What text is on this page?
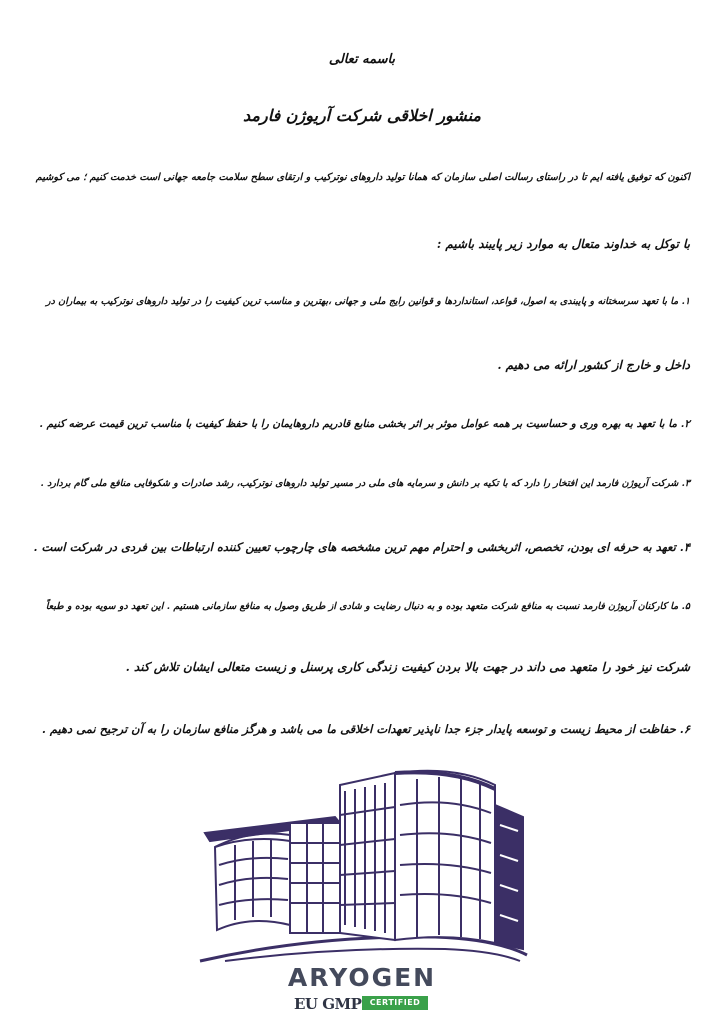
باسمه تعالی
منشور اخلاقی شرکت آریوژن فارمد
اکنون که توفیق یافته ایم تا در راستای رسالت اصلی سازمان که همانا تولید داروهای نوترکیب و ارتقای سطح سلامت جامعه جهانی است خدمت کنیم ؛ می کوشیم
با توکل به خداوند متعال به موارد زیر پایبند باشیم :
۱. ما با تعهد سرسختانه و پایبندی به اصول، قواعد، استانداردها و قوانین رایج ملی و جهانی ،بهترین و مناسب ترین کیفیت را در تولید داروهای نوترکیب به بیماران در
داخل و خارج از کشور ارائه می دهیم .
۲. ما با تعهد به بهره وری و حساسیت بر همه عوامل موثر بر اثر بخشی منابع قادریم داروهایمان را با حفظ کیفیت با مناسب ترین قیمت عرضه کنیم .
۳. شرکت آریوژن فارمد این افتخار را دارد که با تکیه بر دانش و سرمایه های ملی در مسیر تولید داروهای نوترکیب، رشد صادرات و شکوفایی منافع ملی گام بردارد .
۴. تعهد به حرفه ای بودن، تخصص، اثربخشی و احترام مهم ترین مشخصه های چارچوب تعیین کننده ارتباطات بین فردی در شرکت است .
۵. ما کارکنان آریوژن فارمد نسبت به منافع شرکت متعهد بوده و به دنبال رضایت و شادی از طریق وصول به منافع سازمانی هستیم . این تعهد دو سویه بوده و طبعاً
شرکت نیز خود را متعهد می داند در جهت بالا بردن کیفیت زندگی کاری پرسنل و زیست متعالی ایشان تلاش کند .
۶. حفاظت از محیط زیست و توسعه پایدار جزء جدا ناپذیر تعهدات اخلاقی ما می باشد و هرگز منافع سازمان را به آن ترجیح نمی دهیم .
ARYOGEN
EU GMP	CERTIFIED
